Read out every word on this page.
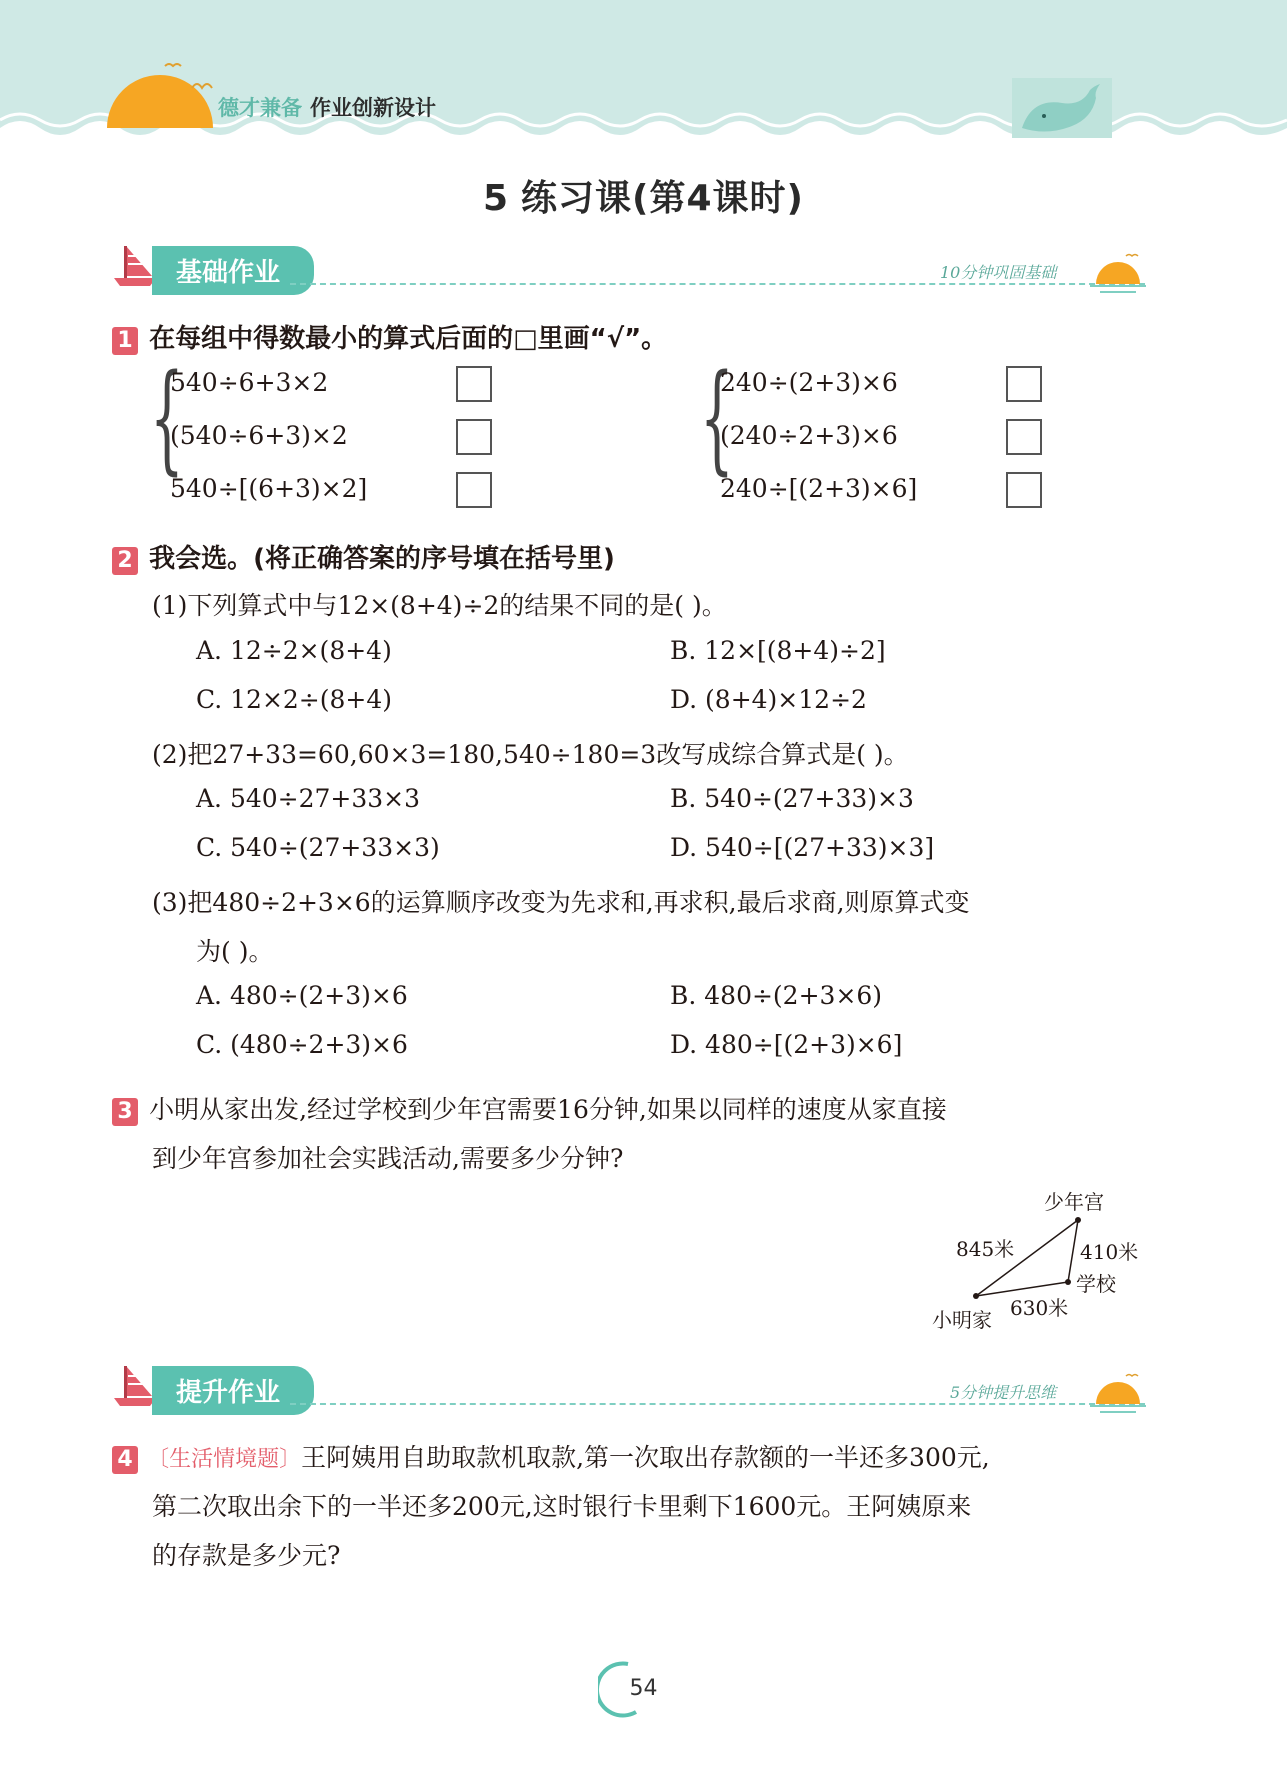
德才兼备 作业创新设计
5 练习课(第4课时)
基础作业	10分钟巩固基础
1 在每组中得数最小的算式后面的□里画“√”。
{
540÷6+3×2
(540÷6+3)×2
540÷[(6+3)×2]
{
240÷(2+3)×6
(240÷2+3)×6
240÷[(2+3)×6]
2 我会选。(将正确答案的序号填在括号里)
(1)下列算式中与12×(8+4)÷2的结果不同的是( )。
A. 12÷2×(8+4)	B. 12×[(8+4)÷2]
C. 12×2÷(8+4)	D. (8+4)×12÷2
(2)把27+33=60,60×3=180,540÷180=3改写成综合算式是( )。
A. 540÷27+33×3	B. 540÷(27+33)×3
C. 540÷(27+33×3)	D. 540÷[(27+33)×3]
(3)把480÷2+3×6的运算顺序改变为先求和,再求积,最后求商,则原算式变
为( )。
A. 480÷(2+3)×6	B. 480÷(2+3×6)
C. (480÷2+3)×6	D. 480÷[(2+3)×6]
3 小明从家出发,经过学校到少年宫需要16分钟,如果以同样的速度从家直接
到少年宫参加社会实践活动,需要多少分钟?
少年宫
845米	410米
学校
630米
小明家
提升作业	5分钟提升思维
4 〔生活情境题〕王阿姨用自助取款机取款,第一次取出存款额的一半还多300元,
第二次取出余下的一半还多200元,这时银行卡里剩下1600元。王阿姨原来
的存款是多少元?
54
